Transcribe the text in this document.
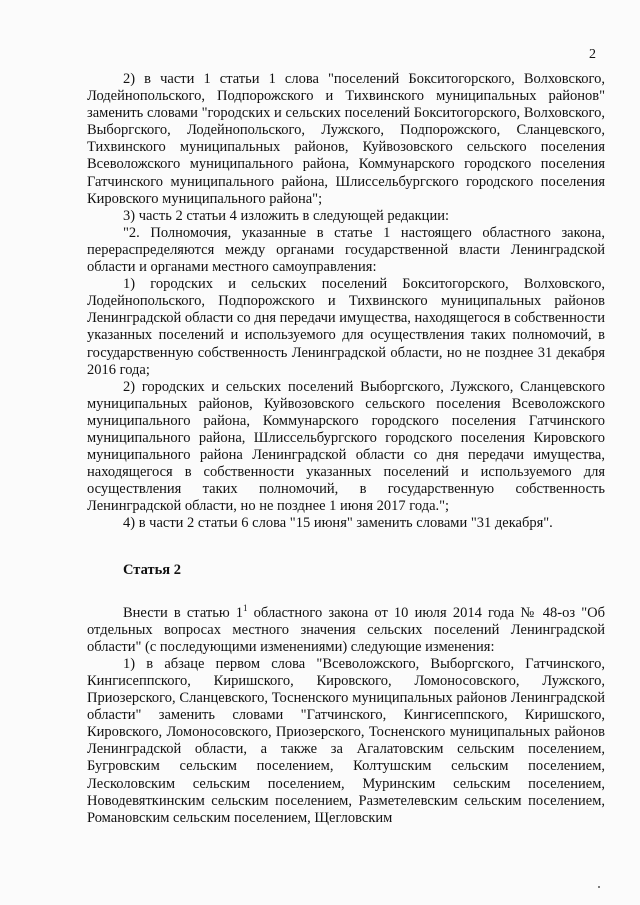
2

2) в части 1 статьи 1 слова "поселений Бокситогорского, Волховского, Лодейнопольского, Подпорожского и Тихвинского муниципальных районов" заменить словами "городских и сельских поселений Бокситогорского, Волховского, Выборгского, Лодейнопольского, Лужского, Подпорожского, Сланцевского, Тихвинского муниципальных районов, Куйвозовского сельского поселения Всеволожского муниципального района, Коммунарского городского поселения Гатчинского муниципального района, Шлиссельбургского городского поселения Кировского муниципального района";

3) часть 2 статьи 4 изложить в следующей редакции:

"2. Полномочия, указанные в статье 1 настоящего областного закона, перераспределяются между органами государственной власти Ленинградской области и органами местного самоуправления:

1) городских и сельских поселений Бокситогорского, Волховского, Лодейнопольского, Подпорожского и Тихвинского муниципальных районов Ленинградской области со дня передачи имущества, находящегося в собственности указанных поселений и используемого для осуществления таких полномочий, в государственную собственность Ленинградской области, но не позднее 31 декабря 2016 года;

2) городских и сельских поселений Выборгского, Лужского, Сланцевского муниципальных районов, Куйвозовского сельского поселения Всеволожского муниципального района, Коммунарского городского поселения Гатчинского муниципального района, Шлиссельбургского городского поселения Кировского муниципального района Ленинградской области со дня передачи имущества, находящегося в собственности указанных поселений и используемого для осуществления таких полномочий, в государственную собственность Ленинградской области, но не позднее 1 июня 2017 года.";

4) в части 2 статьи 6 слова "15 июня" заменить словами "31 декабря".

Статья 2

Внести в статью $1^1$ областного закона от 10 июля 2014 года № 48-оз "Об отдельных вопросах местного значения сельских поселений Ленинградской области" (с последующими изменениями) следующие изменения:

1) в абзаце первом слова "Всеволожского, Выборгского, Гатчинского, Кингисеппского, Киришского, Кировского, Ломоносовского, Лужского, Приозерского, Сланцевского, Тосненского муниципальных районов Ленинградской области" заменить словами "Гатчинского, Кингисеппского, Киришского, Кировского, Ломоносовского, Приозерского, Тосненского муниципальных районов Ленинградской области, а также за Агалатовским сельским поселением, Бугровским сельским поселением, Колтушским сельским поселением, Лесколовским сельским поселением, Муринским сельским поселением, Новодевяткинским сельским поселением, Разметелевским сельским поселением, Романовским сельским поселением, Щегловским
